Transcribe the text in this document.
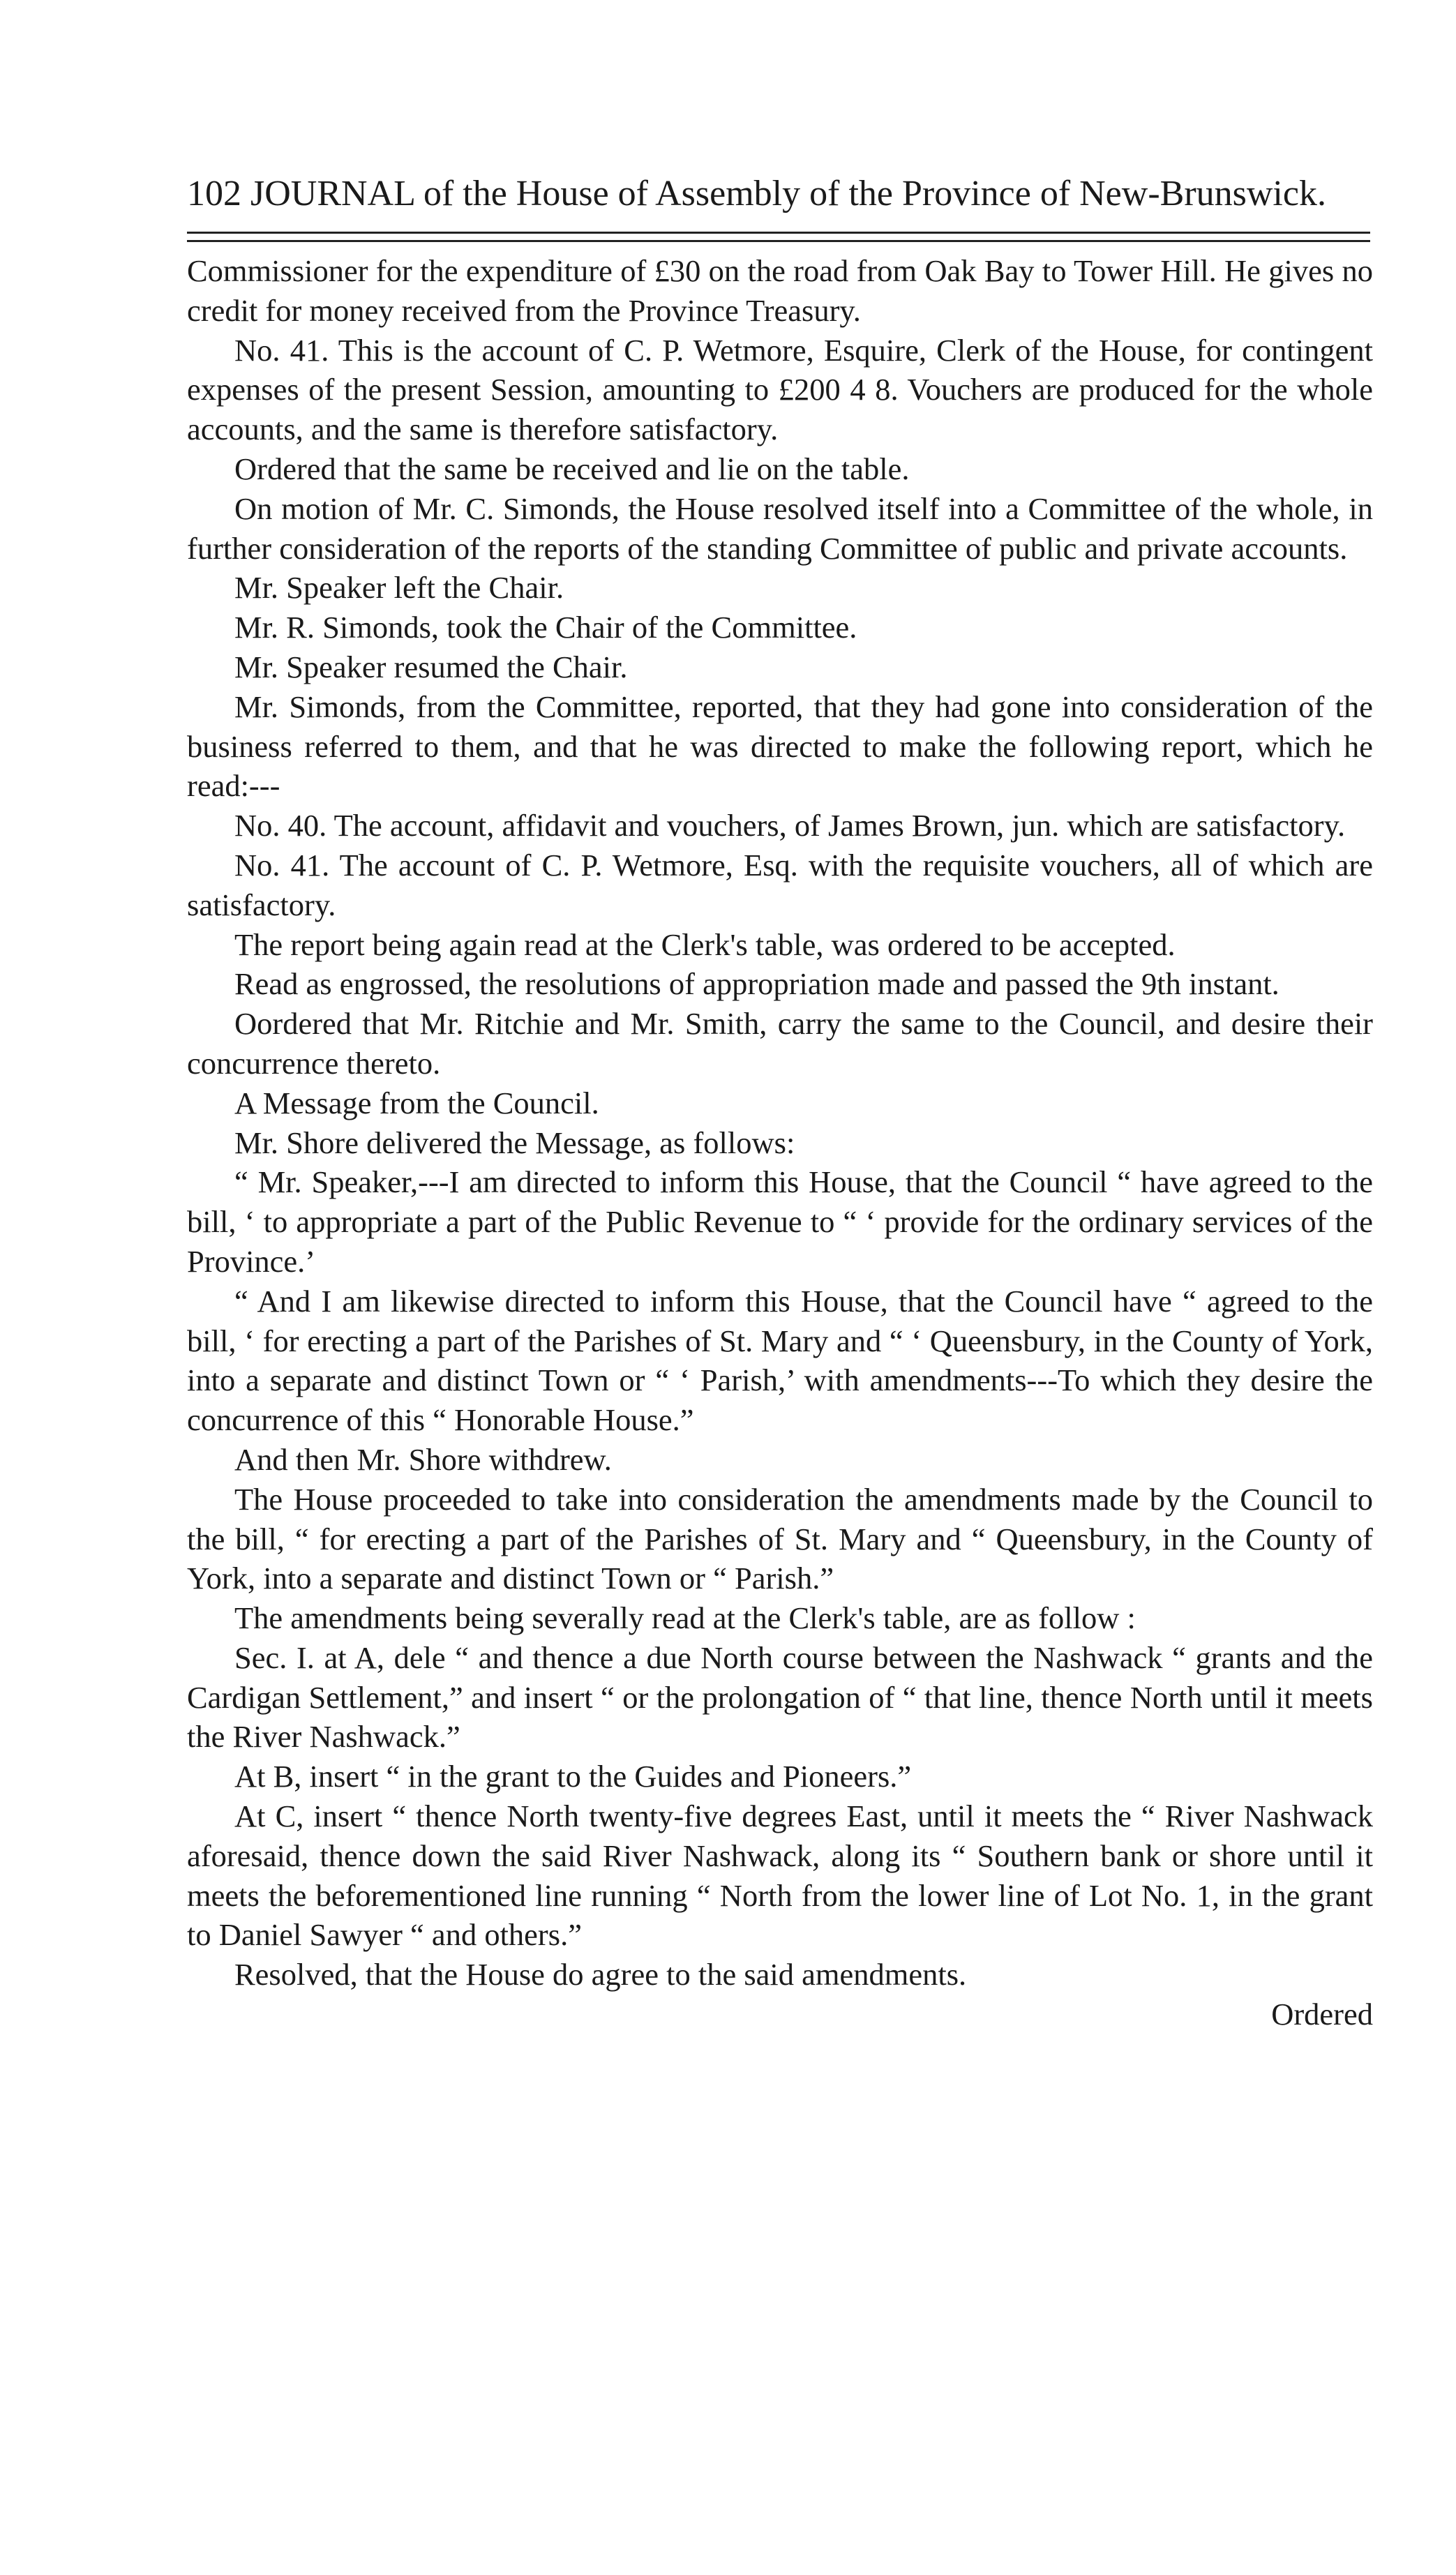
102 JOURNAL of the House of Assembly of the Province of New-Brunswick.
Commissioner for the expenditure of £30 on the road from Oak Bay to Tower Hill. He gives no credit for money received from the Province Treasury.
No. 41. This is the account of C. P. Wetmore, Esquire, Clerk of the House, for contingent expenses of the present Session, amounting to £200 4 8. Vouchers are produced for the whole accounts, and the same is therefore satisfactory.
Ordered that the same be received and lie on the table.
On motion of Mr. C. Simonds, the House resolved itself into a Committee of the whole, in further consideration of the reports of the standing Committee of public and private accounts.
Mr. Speaker left the Chair.
Mr. R. Simonds, took the Chair of the Committee.
Mr. Speaker resumed the Chair.
Mr. Simonds, from the Committee, reported, that they had gone into consideration of the business referred to them, and that he was directed to make the following report, which he read:---
No. 40. The account, affidavit and vouchers, of James Brown, jun. which are satisfactory.
No. 41. The account of C. P. Wetmore, Esq. with the requisite vouchers, all of which are satisfactory.
The report being again read at the Clerk's table, was ordered to be accepted.
Read as engrossed, the resolutions of appropriation made and passed the 9th instant.
Oordered that Mr. Ritchie and Mr. Smith, carry the same to the Council, and desire their concurrence thereto.
A Message from the Council.
Mr. Shore delivered the Message, as follows:
“ Mr. Speaker,---I am directed to inform this House, that the Council “ have agreed to the bill, ‘ to appropriate a part of the Public Revenue to “ ‘ provide for the ordinary services of the Province.’
“ And I am likewise directed to inform this House, that the Council have “ agreed to the bill, ‘ for erecting a part of the Parishes of St. Mary and “ ‘ Queensbury, in the County of York, into a separate and distinct Town or “ ‘ Parish,’ with amendments---To which they desire the concurrence of this “ Honorable House.”
And then Mr. Shore withdrew.
The House proceeded to take into consideration the amendments made by the Council to the bill, “ for erecting a part of the Parishes of St. Mary and “ Queensbury, in the County of York, into a separate and distinct Town or “ Parish.”
The amendments being severally read at the Clerk's table, are as follow :
Sec. I. at A, dele “ and thence a due North course between the Nashwack “ grants and the Cardigan Settlement,” and insert “ or the prolongation of “ that line, thence North until it meets the River Nashwack.”
At B, insert “ in the grant to the Guides and Pioneers.”
At C, insert “ thence North twenty-five degrees East, until it meets the “ River Nashwack aforesaid, thence down the said River Nashwack, along its “ Southern bank or shore until it meets the beforementioned line running “ North from the lower line of Lot No. 1, in the grant to Daniel Sawyer “ and others.”
Resolved, that the House do agree to the said amendments.
Ordered
